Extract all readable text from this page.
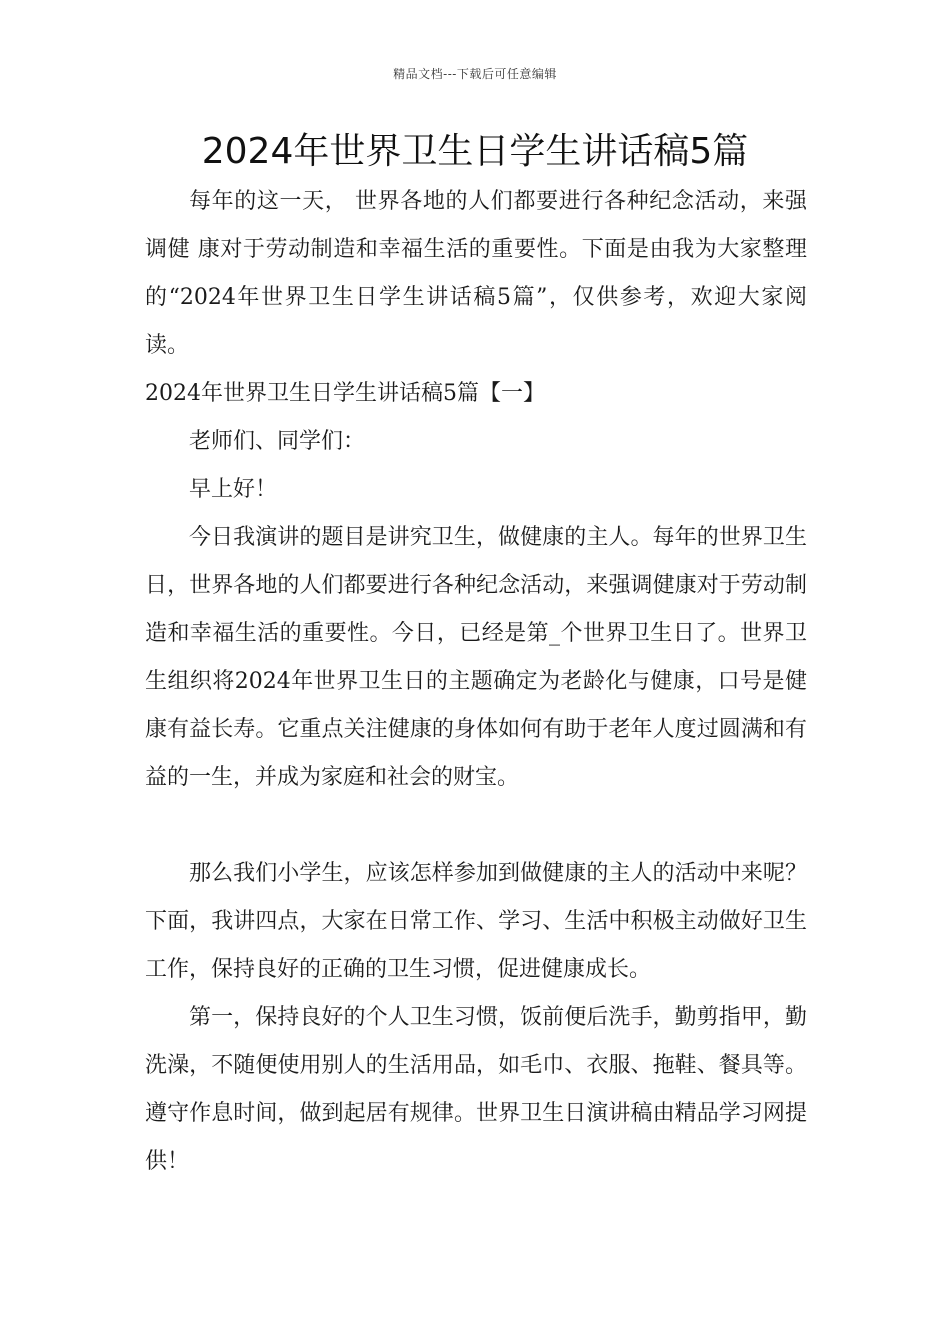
精品文档---下载后可任意编辑
2024年世界卫生日学生讲话稿5篇

每年的这一天， 世界各地的人们都要进行各种纪念活动，来强调健 康对于劳动制造和幸福生活的重要性。下面是由我为大家整理的“2024年世界卫生日学生讲话稿5篇”，仅供参考，欢迎大家阅读。

2024年世界卫生日学生讲话稿5篇【一】

老师们、同学们：

早上好！

今日我演讲的题目是讲究卫生，做健康的主人。每年的世界卫生日，世界各地的人们都要进行各种纪念活动，来强调健康对于劳动制造和幸福生活的重要性。今日，已经是第_个世界卫生日了。世界卫生组织将2024年世界卫生日的主题确定为老龄化与健康，口号是健康有益长寿。它重点关注健康的身体如何有助于老年人度过圆满和有益的一生，并成为家庭和社会的财宝。

那么我们小学生，应该怎样参加到做健康的主人的活动中来呢？下面，我讲四点，大家在日常工作、学习、生活中积极主动做好卫生工作，保持良好的正确的卫生习惯，促进健康成长。

第一，保持良好的个人卫生习惯，饭前便后洗手，勤剪指甲，勤洗澡，不随便使用别人的生活用品，如毛巾、衣服、拖鞋、餐具等。遵守作息时间，做到起居有规律。世界卫生日演讲稿由精品学习网提供！
